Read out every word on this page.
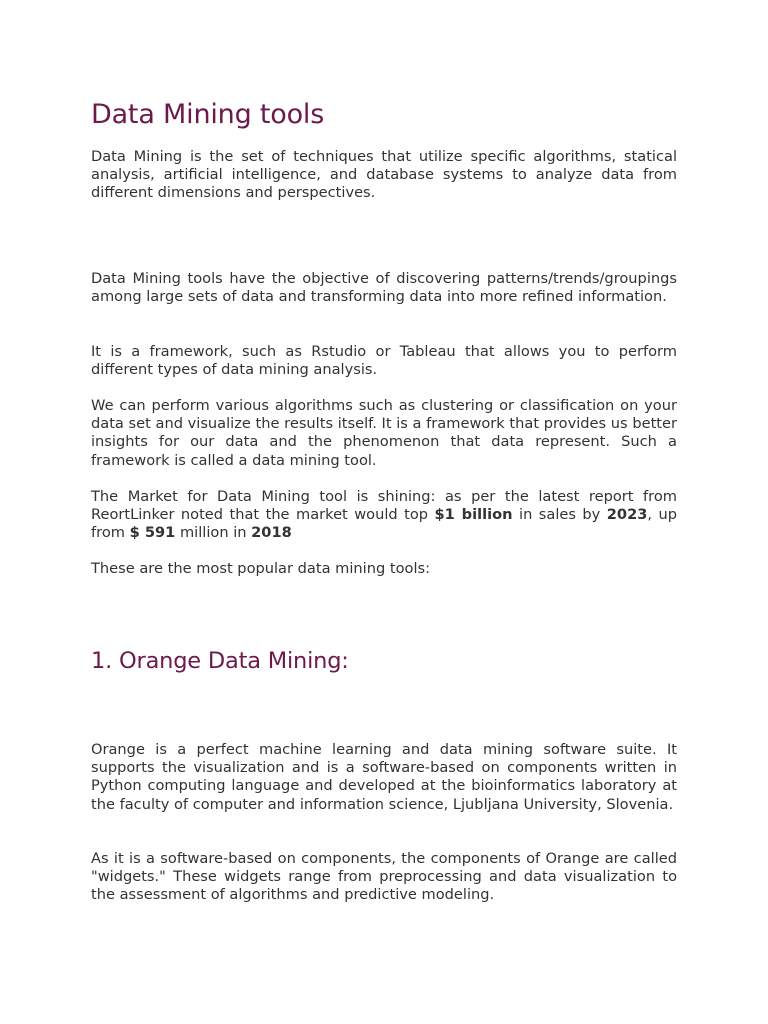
Data Mining tools

Data Mining is the set of techniques that utilize specific algorithms, statical analysis, artificial intelligence, and database systems to analyze data from different dimensions and perspectives.

Data Mining tools have the objective of discovering patterns/trends/groupings among large sets of data and transforming data into more refined information.

It is a framework, such as Rstudio or Tableau that allows you to perform different types of data mining analysis.

We can perform various algorithms such as clustering or classification on your data set and visualize the results itself. It is a framework that provides us better insights for our data and the phenomenon that data represent. Such a framework is called a data mining tool.

The Market for Data Mining tool is shining: as per the latest report from ReortLinker noted that the market would top $1 billion in sales by 2023, up from $ 591 million in 2018

These are the most popular data mining tools:

1. Orange Data Mining:

Orange is a perfect machine learning and data mining software suite. It supports the visualization and is a software-based on components written in Python computing language and developed at the bioinformatics laboratory at the faculty of computer and information science, Ljubljana University, Slovenia.

As it is a software-based on components, the components of Orange are called "widgets." These widgets range from preprocessing and data visualization to the assessment of algorithms and predictive modeling.
